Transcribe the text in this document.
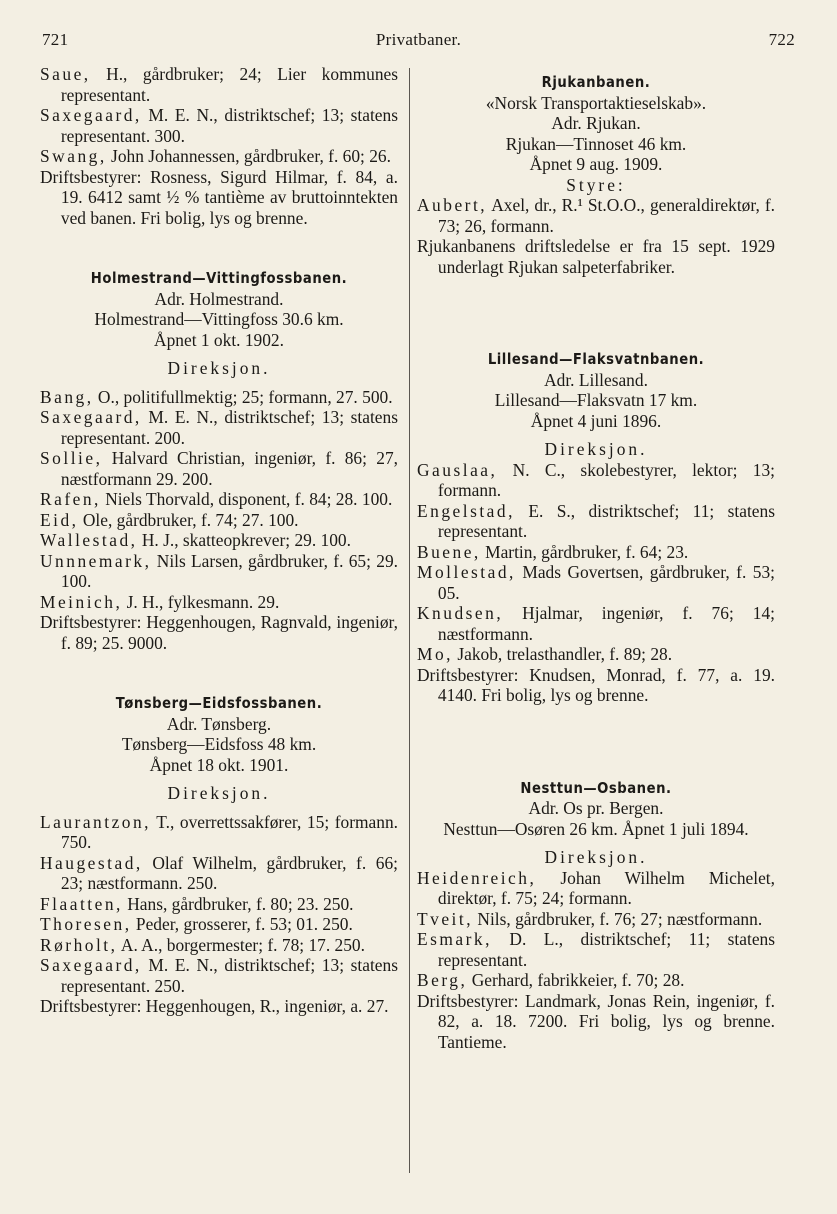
721	Privatbaner.	722
Saue, H., gårdbruker; 24; Lier kommunes representant.
Saxegaard, M. E. N., distriktschef; 13; statens representant. 300.
Swang, John Johannessen, gårdbruker, f. 60; 26.
Driftsbestyrer: Rosness, Sigurd Hilmar, f. 84, a. 19. 6412 samt ½ % tantième av bruttoinntekten ved banen. Fri bolig, lys og brenne.
Holmestrand—Vittingfossbanen.
Adr. Holmestrand.
Holmestrand—Vittingfoss 30.6 km.
Åpnet 1 okt. 1902.
Direksjon.
Bang, O., politifullmektig; 25; formann, 27. 500.
Saxegaard, M. E. N., distriktschef; 13; statens representant. 200.
Sollie, Halvard Christian, ingeniør, f. 86; 27, næstformann 29. 200.
Rafen, Niels Thorvald, disponent, f. 84; 28. 100.
Eid, Ole, gårdbruker, f. 74; 27. 100.
Wallestad, H. J., skatteopkrever; 29. 100.
Unnnemark, Nils Larsen, gårdbruker, f. 65; 29. 100.
Meinich, J. H., fylkesmann. 29.
Driftsbestyrer: Heggenhougen, Ragnvald, ingeniør, f. 89; 25. 9000.
Tønsberg—Eidsfossbanen.
Adr. Tønsberg.
Tønsberg—Eidsfoss 48 km.
Åpnet 18 okt. 1901.
Direksjon.
Laurantzon, T., overrettssakfører, 15; formann. 750.
Haugestad, Olaf Wilhelm, gårdbruker, f. 66; 23; næstformann. 250.
Flaatten, Hans, gårdbruker, f. 80; 23. 250.
Thoresen, Peder, grosserer, f. 53; 01. 250.
Rørholt, A. A., borgermester; f. 78; 17. 250.
Saxegaard, M. E. N., distriktschef; 13; statens representant. 250.
Driftsbestyrer: Heggenhougen, R., ingeniør, a. 27.
Rjukanbanen.
«Norsk Transportaktieselskab».
Adr. Rjukan.
Rjukan—Tinnoset 46 km.
Åpnet 9 aug. 1909.
Styre:
Aubert, Axel, dr., R.¹ St.O.O., generaldirektør, f. 73; 26, formann.
Rjukanbanens driftsledelse er fra 15 sept. 1929 underlagt Rjukan salpeterfabriker.
Lillesand—Flaksvatnbanen.
Adr. Lillesand.
Lillesand—Flaksvatn 17 km.
Åpnet 4 juni 1896.
Direksjon.
Gauslaa, N. C., skolebestyrer, lektor; 13; formann.
Engelstad, E. S., distriktschef; 11; statens representant.
Buene, Martin, gårdbruker, f. 64; 23.
Mollestad, Mads Govertsen, gårdbruker, f. 53; 05.
Knudsen, Hjalmar, ingeniør, f. 76; 14; næstformann.
Mo, Jakob, trelasthandler, f. 89; 28.
Driftsbestyrer: Knudsen, Monrad, f. 77, a. 19. 4140. Fri bolig, lys og brenne.
Nesttun—Osbanen.
Adr. Os pr. Bergen.
Nesttun—Osøren 26 km. Åpnet 1 juli 1894.
Direksjon.
Heidenreich, Johan Wilhelm Michelet, direktør, f. 75; 24; formann.
Tveit, Nils, gårdbruker, f. 76; 27; næstformann.
Esmark, D. L., distriktschef; 11; statens representant.
Berg, Gerhard, fabrikkeier, f. 70; 28.
Driftsbestyrer: Landmark, Jonas Rein, ingeniør, f. 82, a. 18. 7200. Fri bolig, lys og brenne. Tantieme.
